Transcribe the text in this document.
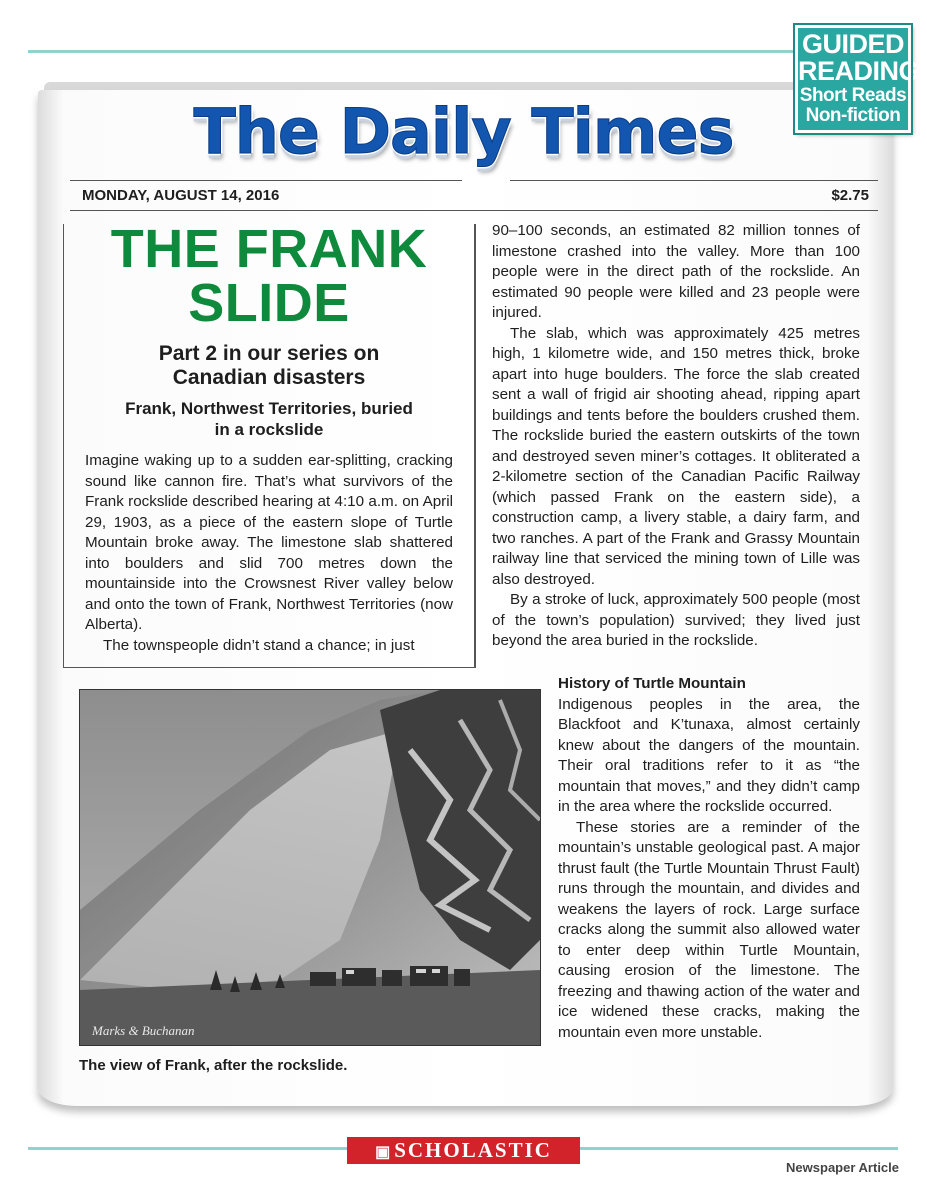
GUIDED
READING
Short Reads
Non-fiction
The Daily Times
MONDAY, AUGUST 14, 2016	$2.75
THE FRANK
SLIDE
Part 2 in our series on
Canadian disasters
Frank, Northwest Territories, buried
in a rockslide

Imagine waking up to a sudden ear-splitting, cracking sound like cannon fire. That’s what survivors of the Frank rockslide described hearing at 4:10 a.m. on April 29, 1903, as a piece of the eastern slope of Turtle Mountain broke away. The limestone slab shattered into boulders and slid 700 metres down the mountainside into the Crowsnest River valley below and onto the town of Frank, Northwest Territories (now Alberta).

The townspeople didn’t stand a chance; in just

90–100 seconds, an estimated 82 million tonnes of limestone crashed into the valley. More than 100 people were in the direct path of the rockslide. An estimated 90 people were killed and 23 people were injured.

The slab, which was approximately 425 metres high, 1 kilometre wide, and 150 metres thick, broke apart into huge boulders. The force the slab created sent a wall of frigid air shooting ahead, ripping apart buildings and tents before the boulders crushed them. The rockslide buried the eastern outskirts of the town and destroyed seven miner’s cottages. It obliterated a 2-kilometre section of the Canadian Pacific Railway (which passed Frank on the eastern side), a construction camp, a livery stable, a dairy farm, and two ranches. A part of the Frank and Grassy Mountain railway line that serviced the mining town of Lille was also destroyed.

By a stroke of luck, approximately 500 people (most of the town’s population) survived; they lived just beyond the area buried in the rockslide.

Marks & Buchanan
The view of Frank, after the rockslide.
History of Turtle Mountain

Indigenous peoples in the area, the Blackfoot and K’tunaxa, almost certainly knew about the dangers of the mountain. Their oral traditions refer to it as “the mountain that moves,” and they didn’t camp in the area where the rockslide occurred.

These stories are a reminder of the mountain’s unstable geological past. A major thrust fault (the Turtle Mountain Thrust Fault) runs through the mountain, and divides and weakens the layers of rock. Large surface cracks along the summit also allowed water to enter deep within Turtle Mountain, causing erosion of the limestone. The freezing and thawing action of the water and ice widened these cracks, making the mountain even more unstable.

▣ SCHOLASTIC
Newspaper Article
